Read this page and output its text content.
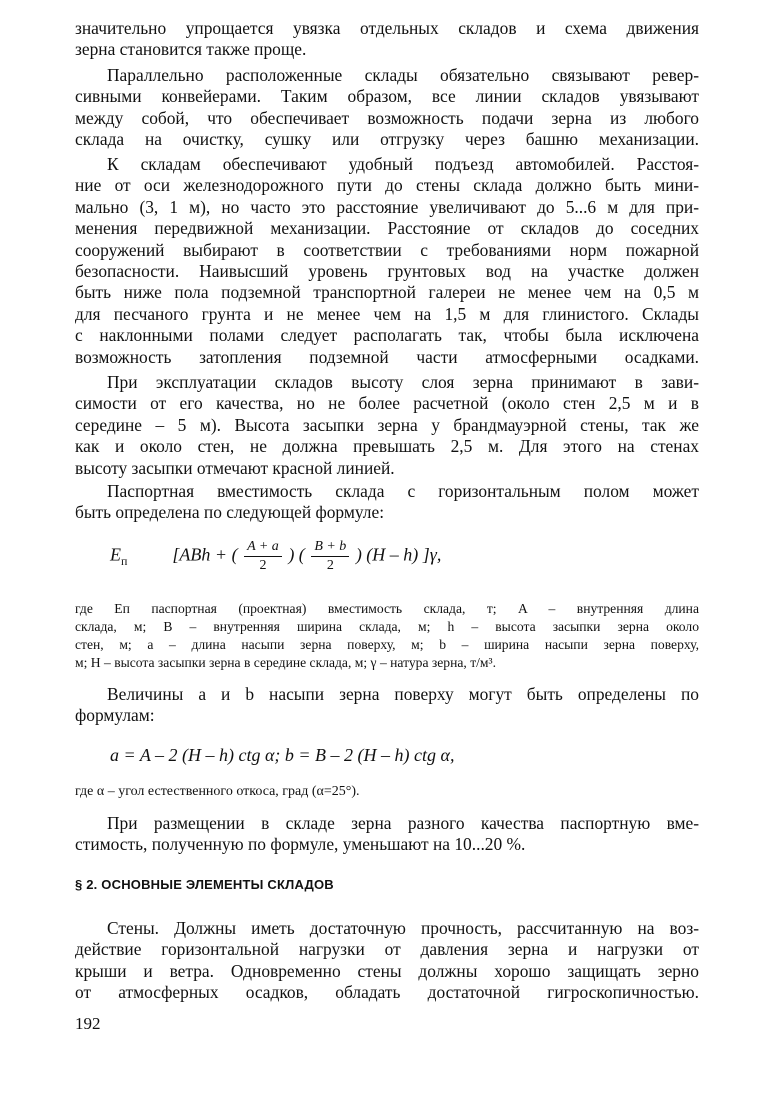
значительно упрощается увязка отдельных складов и схема движения
зерна становится также проще.
Параллельно расположенные склады обязательно связывают ревер-
сивными конвейерами. Таким образом, все линии складов увязывают
между собой, что обеспечивает возможность подачи зерна из любого
склада на очистку, сушку или отгрузку через башню механизации.
К складам обеспечивают удобный подъезд автомобилей. Расстоя-
ние от оси железнодорожного пути до стены склада должно быть мини-
мально (3, 1 м), но часто это расстояние увеличивают до 5...6 м для при-
менения передвижной механизации. Расстояние от складов до соседних
сооружений выбирают в соответствии с требованиями норм пожарной
безопасности. Наивысший уровень грунтовых вод на участке должен
быть ниже пола подземной транспортной галереи не менее чем на 0,5 м
для песчаного грунта и не менее чем на 1,5 м для глинистого. Склады
с наклонными полами следует располагать так, чтобы была исключена
возможность затопления подземной части атмосферными осадками.
При эксплуатации складов высоту слоя зерна принимают в зави-
симости от его качества, но не более расчетной (около стен 2,5 м и в
середине – 5 м). Высота засыпки зерна у брандмауэрной стены, так же
как и около стен, не должна превышать 2,5 м. Для этого на стенах
высоту засыпки отмечают красной линией.
Паспортная вместимость склада с горизонтальным полом может
быть определена по следующей формуле:
$E_п$	[ABh + ( $\frac{A + a}{2}$ ) ( $\frac{B + b}{2}$ ) (H – h) ]γ,
где Eп паспортная (проектная) вместимость склада, т; A – внутренняя длина
склада, м; B – внутренняя ширина склада, м; h – высота засыпки зерна около
стен, м; a – длина насыпи зерна поверху, м; b – ширина насыпи зерна поверху,
м; H – высота засыпки зерна в середине склада, м; γ – натура зерна, т/м³.
Величины a и b насыпи зерна поверху могут быть определены по
формулам:
a = A – 2 (H – h) ctg α; b = B – 2 (H – h) ctg α,
где α – угол естественного откоса, град (α=25°).
При размещении в складе зерна разного качества паспортную вме-
стимость, полученную по формуле, уменьшают на 10...20 %.
§ 2. ОСНОВНЫЕ ЭЛЕМЕНТЫ СКЛАДОВ
Стены. Должны иметь достаточную прочность, рассчитанную на воз-
действие горизонтальной нагрузки от давления зерна и нагрузки от
крыши и ветра. Одновременно стены должны хорошо защищать зерно
от атмосферных осадков, обладать достаточной гигроскопичностью.
192
